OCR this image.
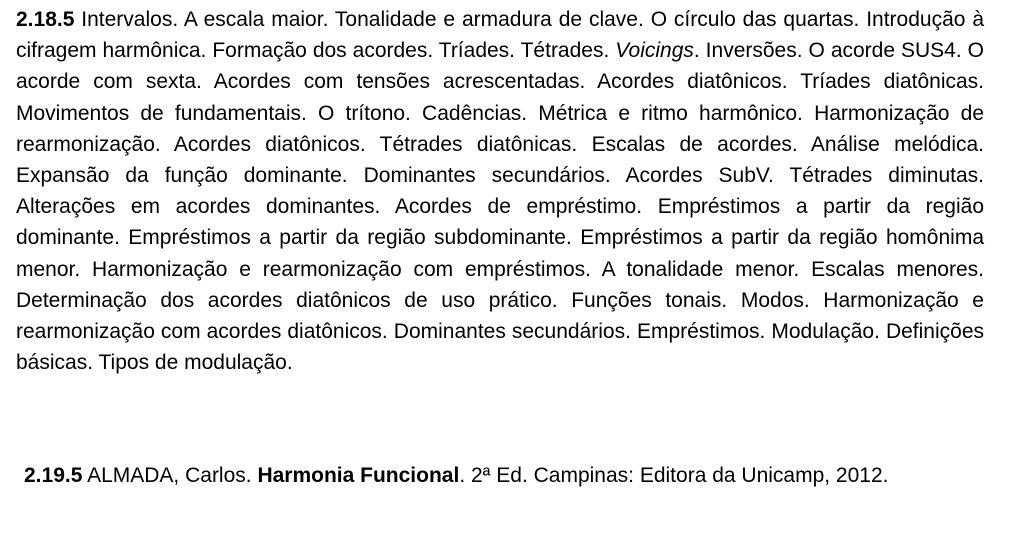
2.18.5 Intervalos. A escala maior. Tonalidade e armadura de clave. O círculo das quartas. Introdução à cifragem harmônica. Formação dos acordes. Tríades. Tétrades. Voicings. Inversões. O acorde SUS4. O acorde com sexta. Acordes com tensões acrescentadas. Acordes diatônicos. Tríades diatônicas. Movimentos de fundamentais. O trítono. Cadências. Métrica e ritmo harmônico. Harmonização de rearmonização. Acordes diatônicos. Tétrades diatônicas. Escalas de acordes. Análise melódica. Expansão da função dominante. Dominantes secundários. Acordes SubV. Tétrades diminutas. Alterações em acordes dominantes. Acordes de empréstimo. Empréstimos a partir da região dominante. Empréstimos a partir da região subdominante. Empréstimos a partir da região homônima menor. Harmonização e rearmonização com empréstimos. A tonalidade menor. Escalas menores. Determinação dos acordes diatônicos de uso prático. Funções tonais. Modos. Harmonização e rearmonização com acordes diatônicos. Dominantes secundários. Empréstimos. Modulação. Definições básicas. Tipos de modulação.

2.19.5 ALMADA, Carlos. Harmonia Funcional. 2ª Ed. Campinas: Editora da Unicamp, 2012.
